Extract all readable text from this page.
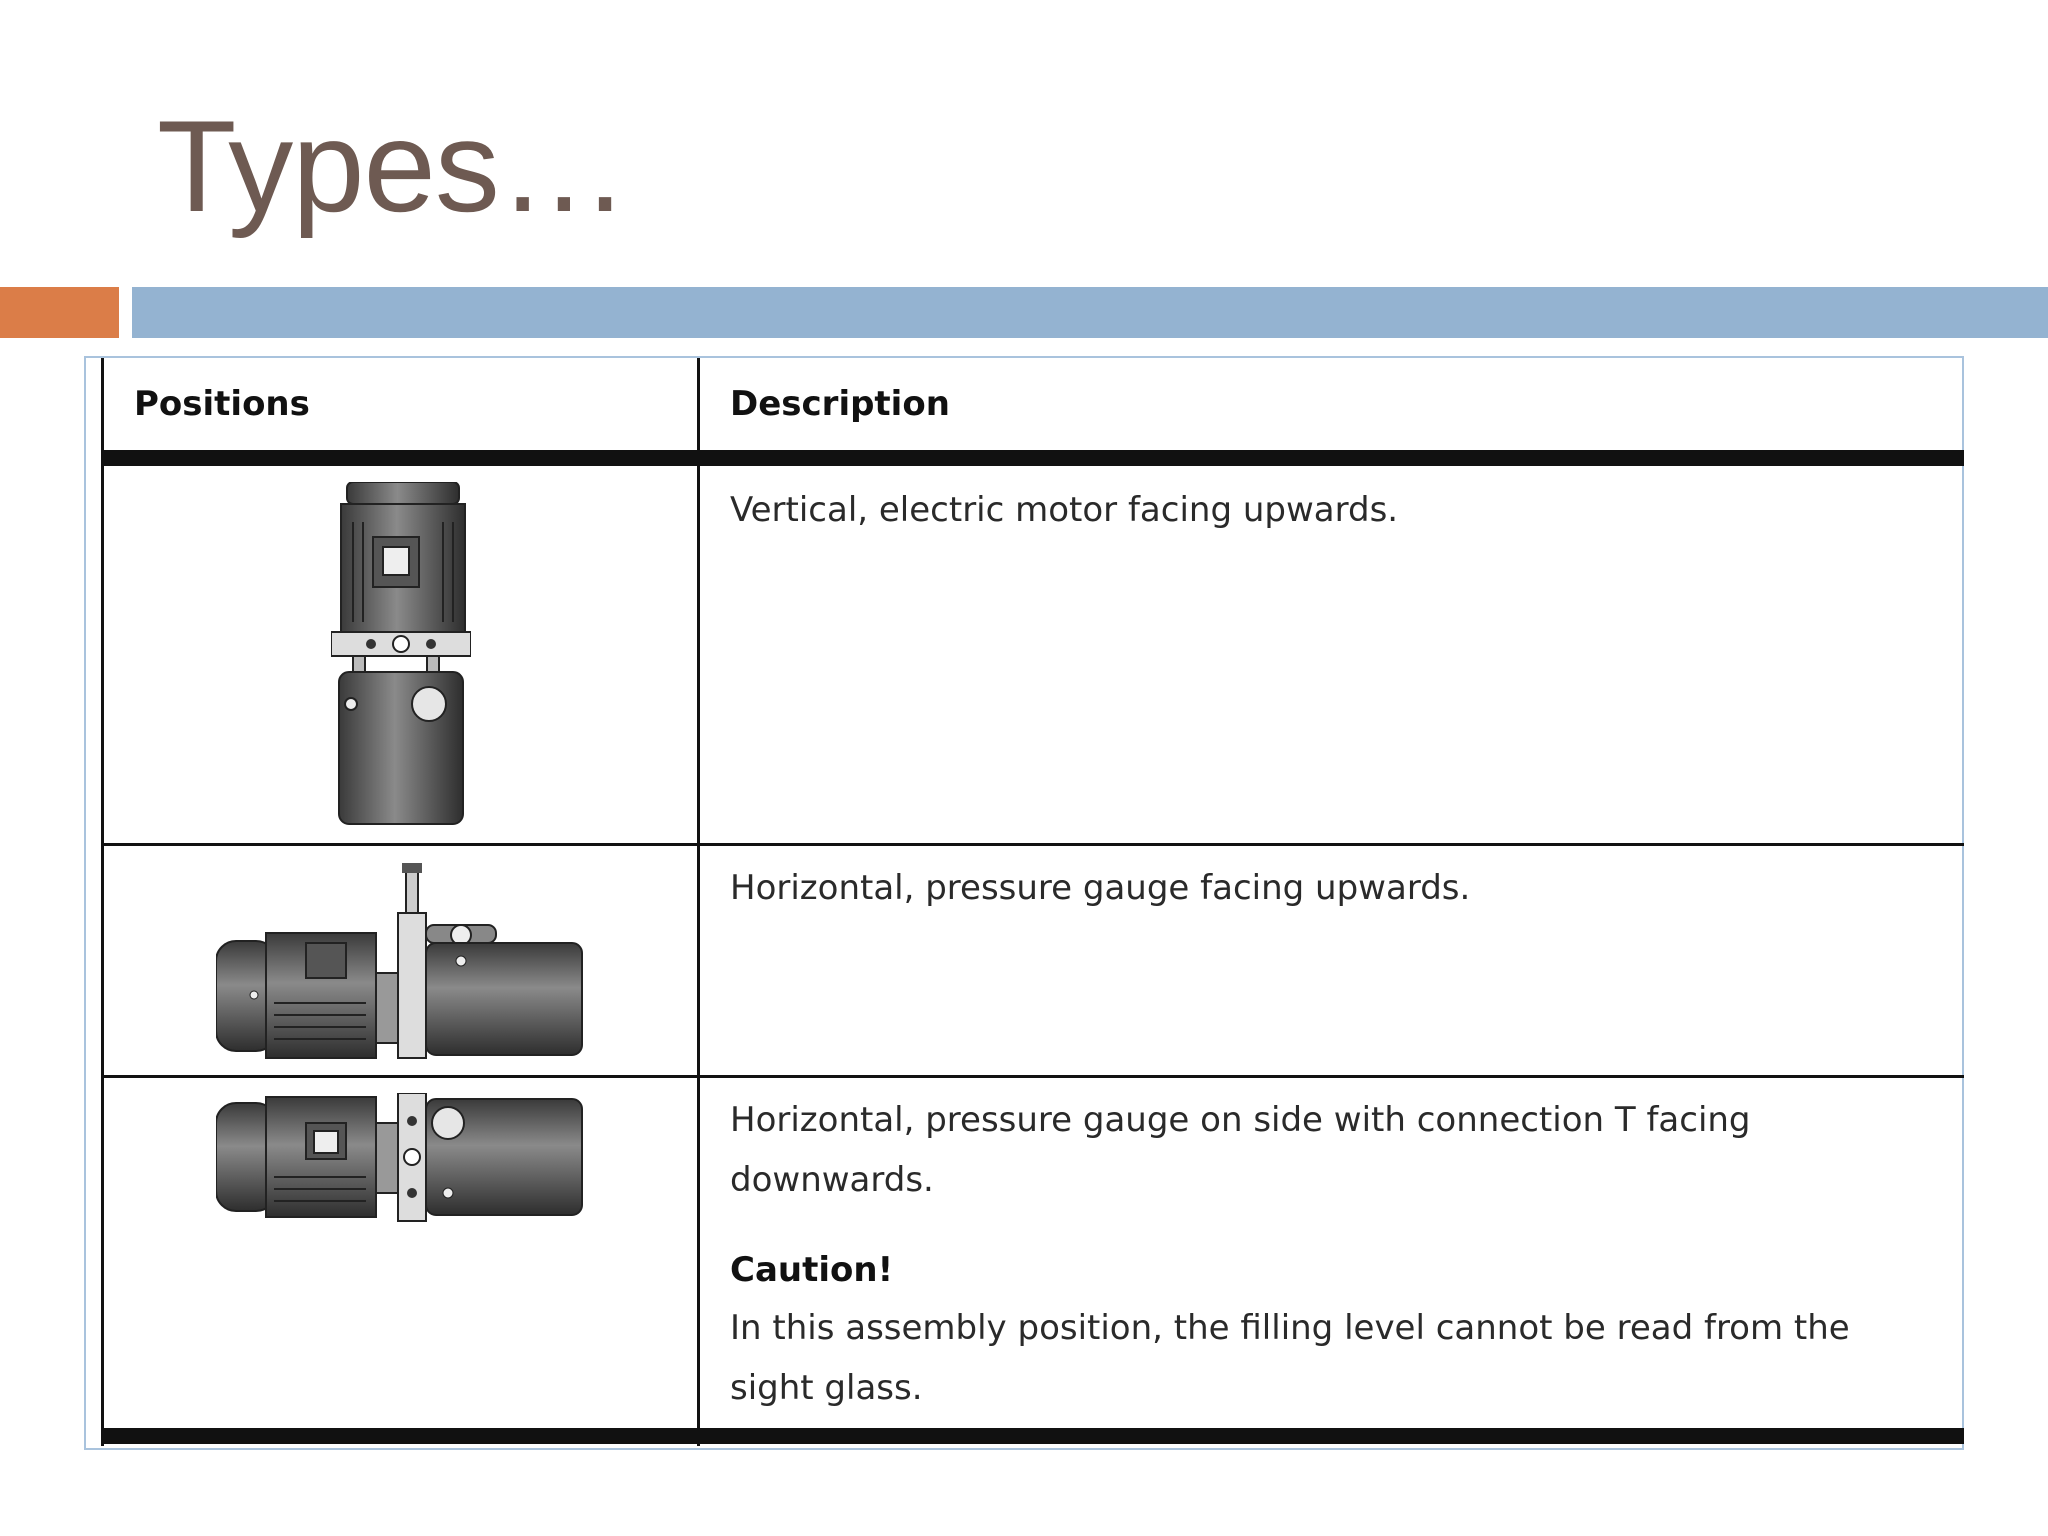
Types…
Positions	Description
Vertical, electric motor facing upwards.
Horizontal, pressure gauge facing upwards.
Horizontal, pressure gauge on side with connection T facing downwards.
Caution!
In this assembly position, the filling level cannot be read from the sight glass.
